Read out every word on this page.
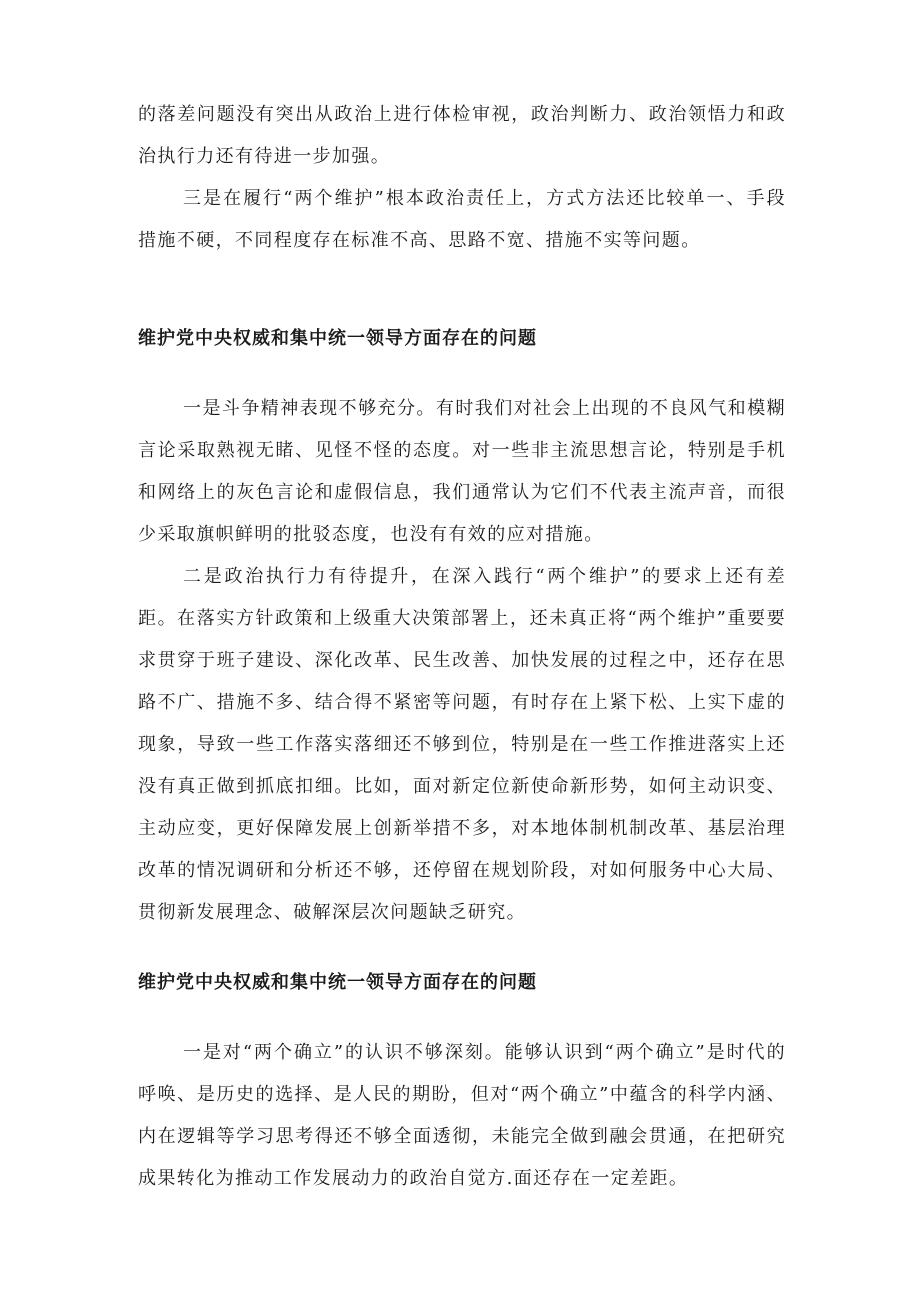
的落差问题没有突出从政治上进行体检审视，政治判断力、政治领悟力和政治执行力还有待进一步加强。

三是在履行“两个维护”根本政治责任上，方式方法还比较单一、手段措施不硬，不同程度存在标准不高、思路不宽、措施不实等问题。

维护党中央权威和集中统一领导方面存在的问题

一是斗争精神表现不够充分。有时我们对社会上出现的不良风气和模糊言论采取熟视无睹、见怪不怪的态度。对一些非主流思想言论，特别是手机和网络上的灰色言论和虚假信息，我们通常认为它们不代表主流声音，而很少采取旗帜鲜明的批驳态度，也没有有效的应对措施。

二是政治执行力有待提升，在深入践行“两个维护”的要求上还有差距。在落实方针政策和上级重大决策部署上，还未真正将“两个维护”重要要求贯穿于班子建设、深化改革、民生改善、加快发展的过程之中，还存在思路不广、措施不多、结合得不紧密等问题，有时存在上紧下松、上实下虚的现象，导致一些工作落实落细还不够到位，特别是在一些工作推进落实上还没有真正做到抓底扣细。比如，面对新定位新使命新形势，如何主动识变、主动应变，更好保障发展上创新举措不多，对本地体制机制改革、基层治理改革的情况调研和分析还不够，还停留在规划阶段，对如何服务中心大局、贯彻新发展理念、破解深层次问题缺乏研究。

维护党中央权威和集中统一领导方面存在的问题

一是对“两个确立”的认识不够深刻。能够认识到“两个确立”是时代的呼唤、是历史的选择、是人民的期盼，但对“两个确立”中蕴含的科学内涵、内在逻辑等学习思考得还不够全面透彻，未能完全做到融会贯通，在把研究成果转化为推动工作发展动力的政治自觉方.面还存在一定差距。
